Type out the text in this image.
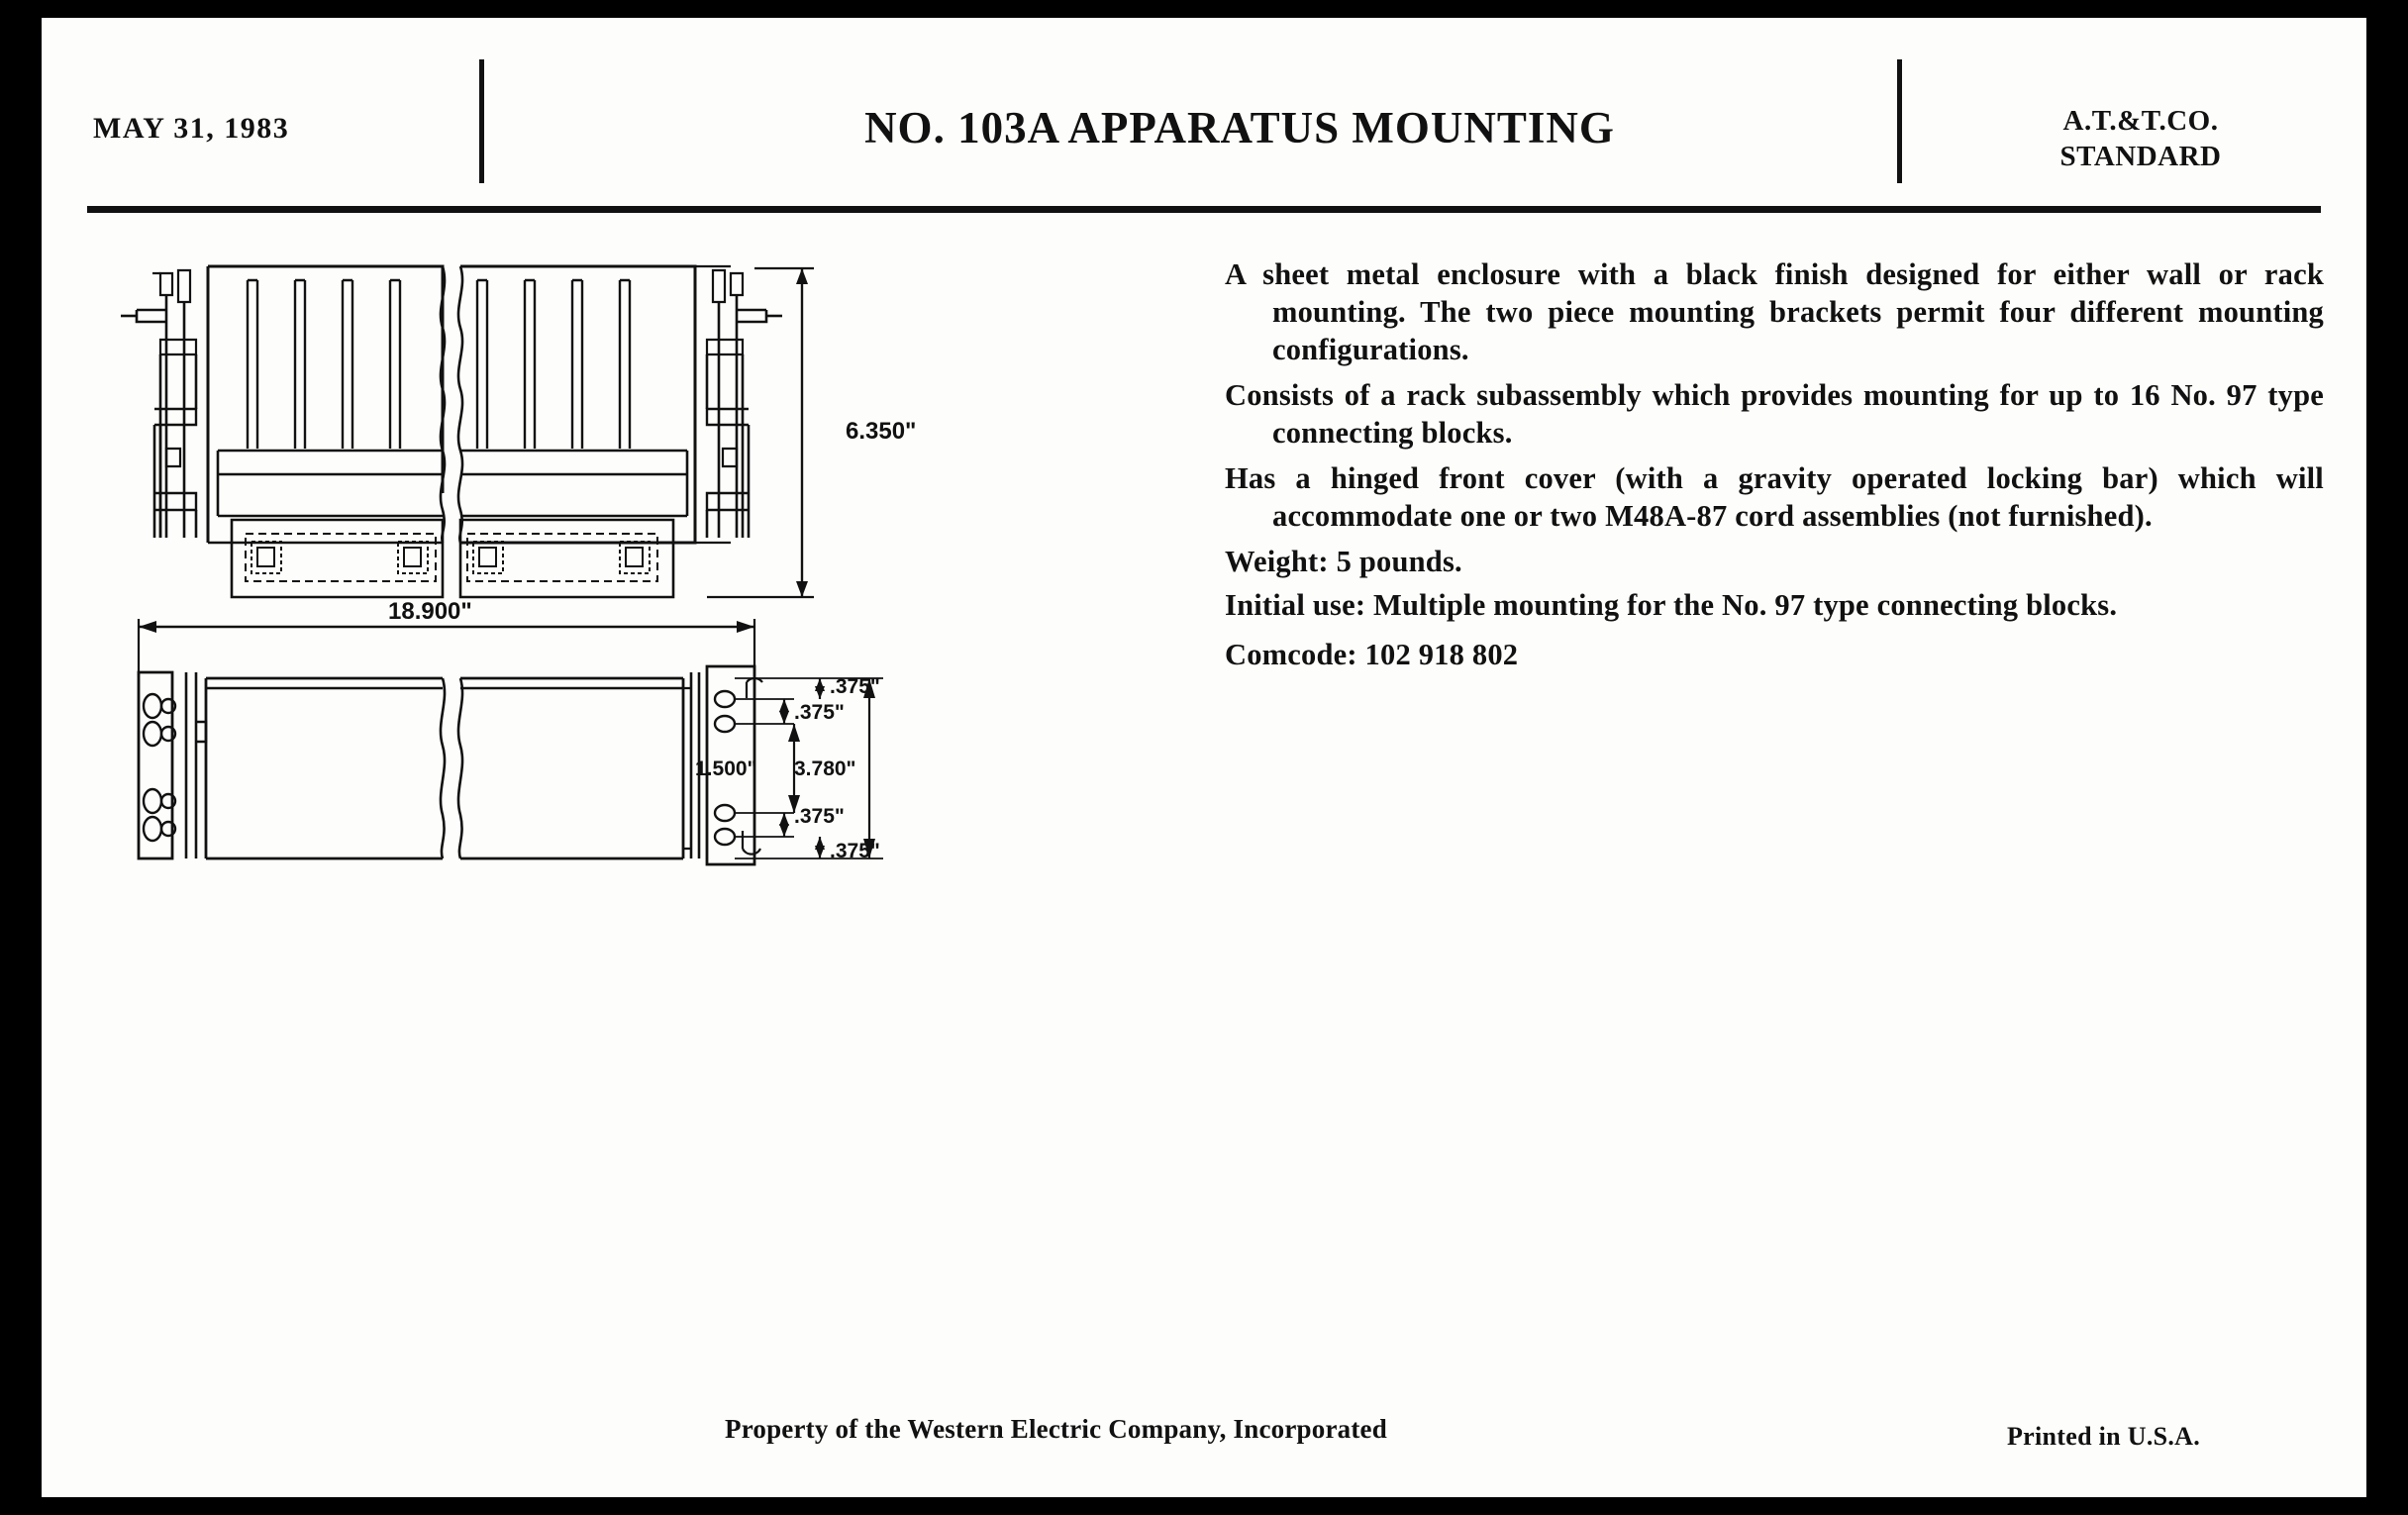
MAY 31, 1983	NO. 103A APPARATUS MOUNTING	A.T.&T.CO.
STANDARD
A sheet metal enclosure with a black finish designed for either wall or rack mounting. The two piece mounting brackets permit four different mounting configurations.
Consists of a rack subassembly which provides mounting for up to 16 No. 97 type connecting blocks.
Has a hinged front cover (with a gravity operated locking bar) which will accommodate one or two M48A-87 cord assemblies (not furnished).
Weight: 5 pounds.
Initial use: Multiple mounting for the No. 97 type connecting blocks.
Comcode: 102 918 802
6.350"
18.900"
.375"
.375"
1.500" 3.780"
.375"
.375"
Property of the Western Electric Company, Incorporated	Printed in U.S.A.
